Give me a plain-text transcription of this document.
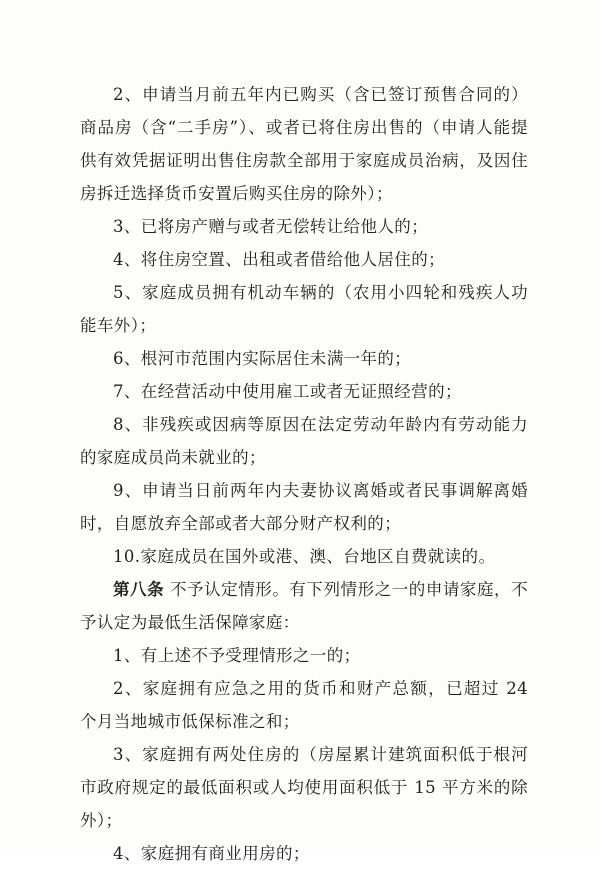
2、申请当月前五年内已购买（含已签订预售合同的）商品房（含“二手房”）、或者已将住房出售的（申请人能提供有效凭据证明出售住房款全部用于家庭成员治病，及因住房拆迁选择货币安置后购买住房的除外）；

3、已将房产赠与或者无偿转让给他人的；

4、将住房空置、出租或者借给他人居住的；

5、家庭成员拥有机动车辆的（农用小四轮和残疾人功能车外）；

6、根河市范围内实际居住未满一年的；

7、在经营活动中使用雇工或者无证照经营的；

8、非残疾或因病等原因在法定劳动年龄内有劳动能力的家庭成员尚未就业的；

9、申请当日前两年内夫妻协议离婚或者民事调解离婚时，自愿放弃全部或者大部分财产权利的；

10.家庭成员在国外或港、澳、台地区自费就读的。

第八条 不予认定情形。有下列情形之一的申请家庭，不予认定为最低生活保障家庭：

1、有上述不予受理情形之一的；

2、家庭拥有应急之用的货币和财产总额，已超过 24 个月当地城市低保标准之和；

3、家庭拥有两处住房的（房屋累计建筑面积低于根河市政府规定的最低面积或人均使用面积低于 15 平方米的除外）；

4、家庭拥有商业用房的；
